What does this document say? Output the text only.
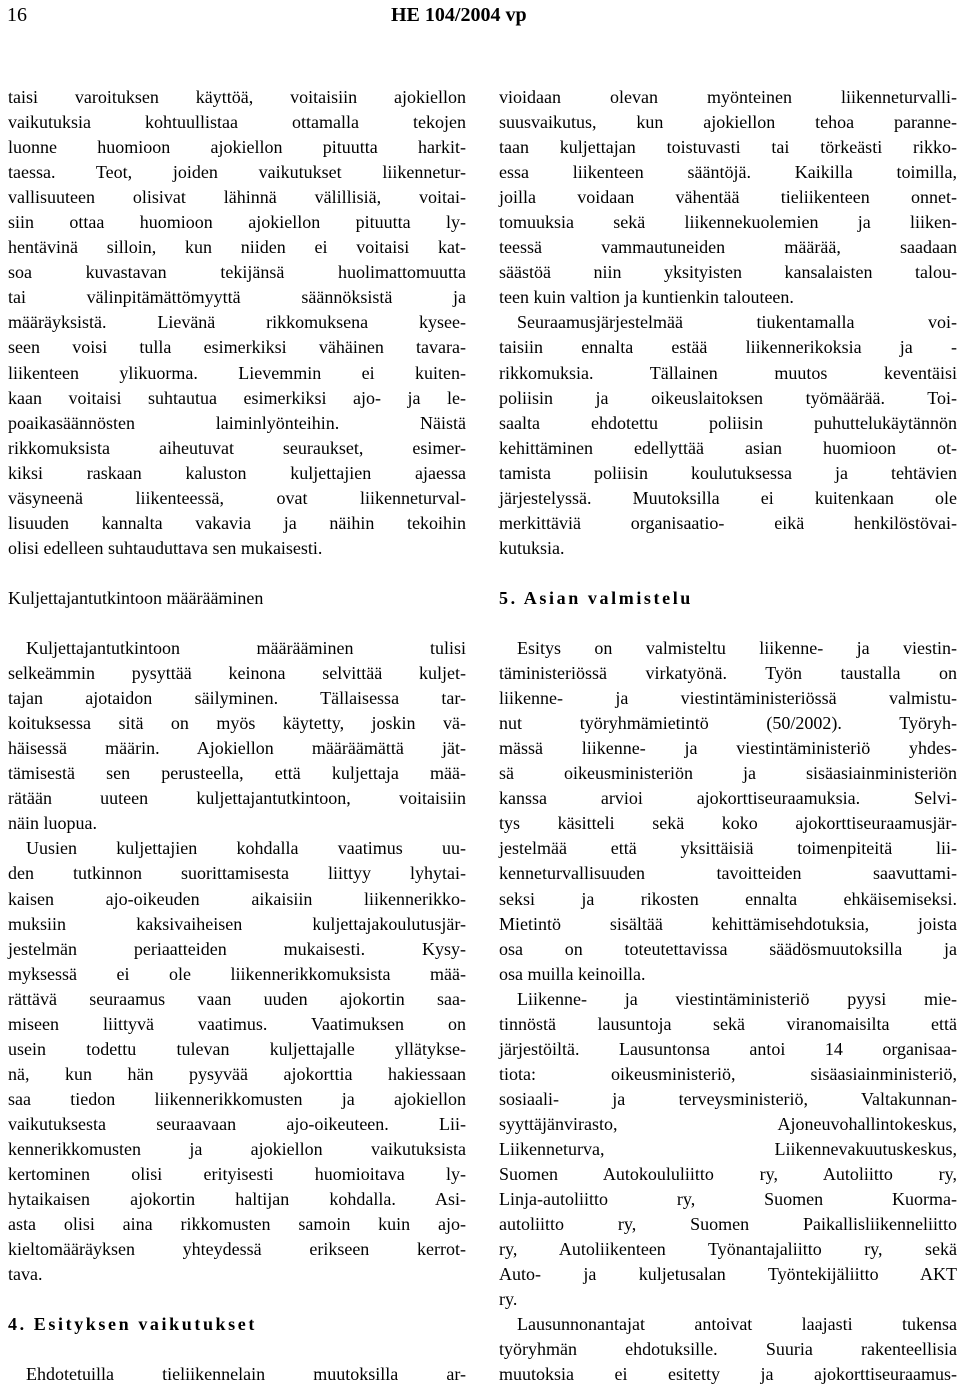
16	HE 104/2004 vp
taisi varoituksen käyttöä, voitaisiin ajokiellon
vaikutuksia kohtuullistaa ottamalla tekojen
luonne huomioon ajokiellon pituutta harkit-
taessa. Teot, joiden vaikutukset liikennetur-
vallisuuteen olisivat lähinnä välillisiä, voitai-
siin ottaa huomioon ajokiellon pituutta ly-
hentävinä silloin, kun niiden ei voitaisi kat-
soa kuvastavan tekijänsä huolimattomuutta
tai välinpitämättömyyttä säännöksistä ja
määräyksistä. Lievänä rikkomuksena kysee-
seen voisi tulla esimerkiksi vähäinen tavara-
liikenteen ylikuorma. Lievemmin ei kuiten-
kaan voitaisi suhtautua esimerkiksi ajo- ja le-
poaikasäännösten laiminlyönteihin. Näistä
rikkomuksista aiheutuvat seuraukset, esimer-
kiksi raskaan kaluston kuljettajien ajaessa
väsyneenä liikenteessä, ovat liikenneturval-
lisuuden kannalta vakavia ja näihin tekoihin
olisi edelleen suhtauduttava sen mukaisesti.
Kuljettajantutkintoon määrääminen
Kuljettajantutkintoon määrääminen tulisi
selkeämmin pysyttää keinona selvittää kuljet-
tajan ajotaidon säilyminen. Tällaisessa tar-
koituksessa sitä on myös käytetty, joskin vä-
häisessä määrin. Ajokiellon määräämättä jät-
tämisestä sen perusteella, että kuljettaja mää-
rätään uuteen kuljettajantutkintoon, voitaisiin
näin luopua.
Uusien kuljettajien kohdalla vaatimus uu-
den tutkinnon suorittamisesta liittyy lyhytai-
kaisen ajo-oikeuden aikaisiin liikennerikko-
muksiin kaksivaiheisen kuljettajakoulutusjär-
jestelmän periaatteiden mukaisesti. Kysy-
myksessä ei ole liikennerikkomuksista mää-
rättävä seuraamus vaan uuden ajokortin saa-
miseen liittyvä vaatimus. Vaatimuksen on
usein todettu tulevan kuljettajalle yllätykse-
nä, kun hän pysyvää ajokorttia hakiessaan
saa tiedon liikennerikkomusten ja ajokiellon
vaikutuksesta seuraavaan ajo-oikeuteen. Lii-
kennerikkomusten ja ajokiellon vaikutuksista
kertominen olisi erityisesti huomioitava ly-
hytaikaisen ajokortin haltijan kohdalla. Asi-
asta olisi aina rikkomusten samoin kuin ajo-
kieltomääräyksen yhteydessä erikseen kerrot-
tava.
4. Esityksen vaikutukset
Ehdotetuilla tieliikennelain muutoksilla ar-
vioidaan olevan myönteinen liikenneturvalli-
suusvaikutus, kun ajokiellon tehoa paranne-
taan kuljettajan toistuvasti tai törkeästi rikko-
essa liikenteen sääntöjä. Kaikilla toimilla,
joilla voidaan vähentää tieliikenteen onnet-
tomuuksia sekä liikennekuolemien ja liiken-
teessä vammautuneiden määrää, saadaan
säästöä niin yksityisten kansalaisten talou-
teen kuin valtion ja kuntienkin talouteen.
Seuraamusjärjestelmää tiukentamalla voi-
taisiin ennalta estää liikennerikoksia ja -
rikkomuksia. Tällainen muutos keventäisi
poliisin ja oikeuslaitoksen työmäärää. Toi-
saalta ehdotettu poliisin puhuttelukäytännön
kehittäminen edellyttää asian huomioon ot-
tamista poliisin koulutuksessa ja tehtävien
järjestelyssä. Muutoksilla ei kuitenkaan ole
merkittäviä organisaatio- eikä henkilöstövai-
kutuksia.
5. Asian valmistelu
Esitys on valmisteltu liikenne- ja viestin-
täministeriössä virkatyönä. Työn taustalla on
liikenne- ja viestintäministeriössä valmistu-
nut työryhmämietintö (50/2002). Työryh-
mässä liikenne- ja viestintäministeriö yhdes-
sä oikeusministeriön ja sisäasiainministeriön
kanssa arvioi ajokorttiseuraamuksia. Selvi-
tys käsitteli sekä koko ajokorttiseuraamusjär-
jestelmää että yksittäisiä toimenpiteitä lii-
kenneturvallisuuden tavoitteiden saavuttami-
seksi ja rikosten ennalta ehkäisemiseksi.
Mietintö sisältää kehittämisehdotuksia, joista
osa on toteutettavissa säädösmuutoksilla ja
osa muilla keinoilla.
Liikenne- ja viestintäministeriö pyysi mie-
tinnöstä lausuntoja sekä viranomaisilta että
järjestöiltä. Lausuntonsa antoi 14 organisaa-
tiota: oikeusministeriö, sisäasiainministeriö,
sosiaali- ja terveysministeriö, Valtakunnan-
syyttäjänvirasto, Ajoneuvohallintokeskus,
Liikenneturva, Liikennevakuutuskeskus,
Suomen Autokoululiitto ry, Autoliitto ry,
Linja-autoliitto ry, Suomen Kuorma-
autoliitto ry, Suomen Paikallisliikenneliitto
ry, Autoliikenteen Työnantajaliitto ry, sekä
Auto- ja kuljetusalan Työntekijäliitto AKT
ry.
Lausunnonantajat antoivat laajasti tukensa
työryhmän ehdotuksille. Suuria rakenteellisia
muutoksia ei esitetty ja ajokorttiseuraamus-
